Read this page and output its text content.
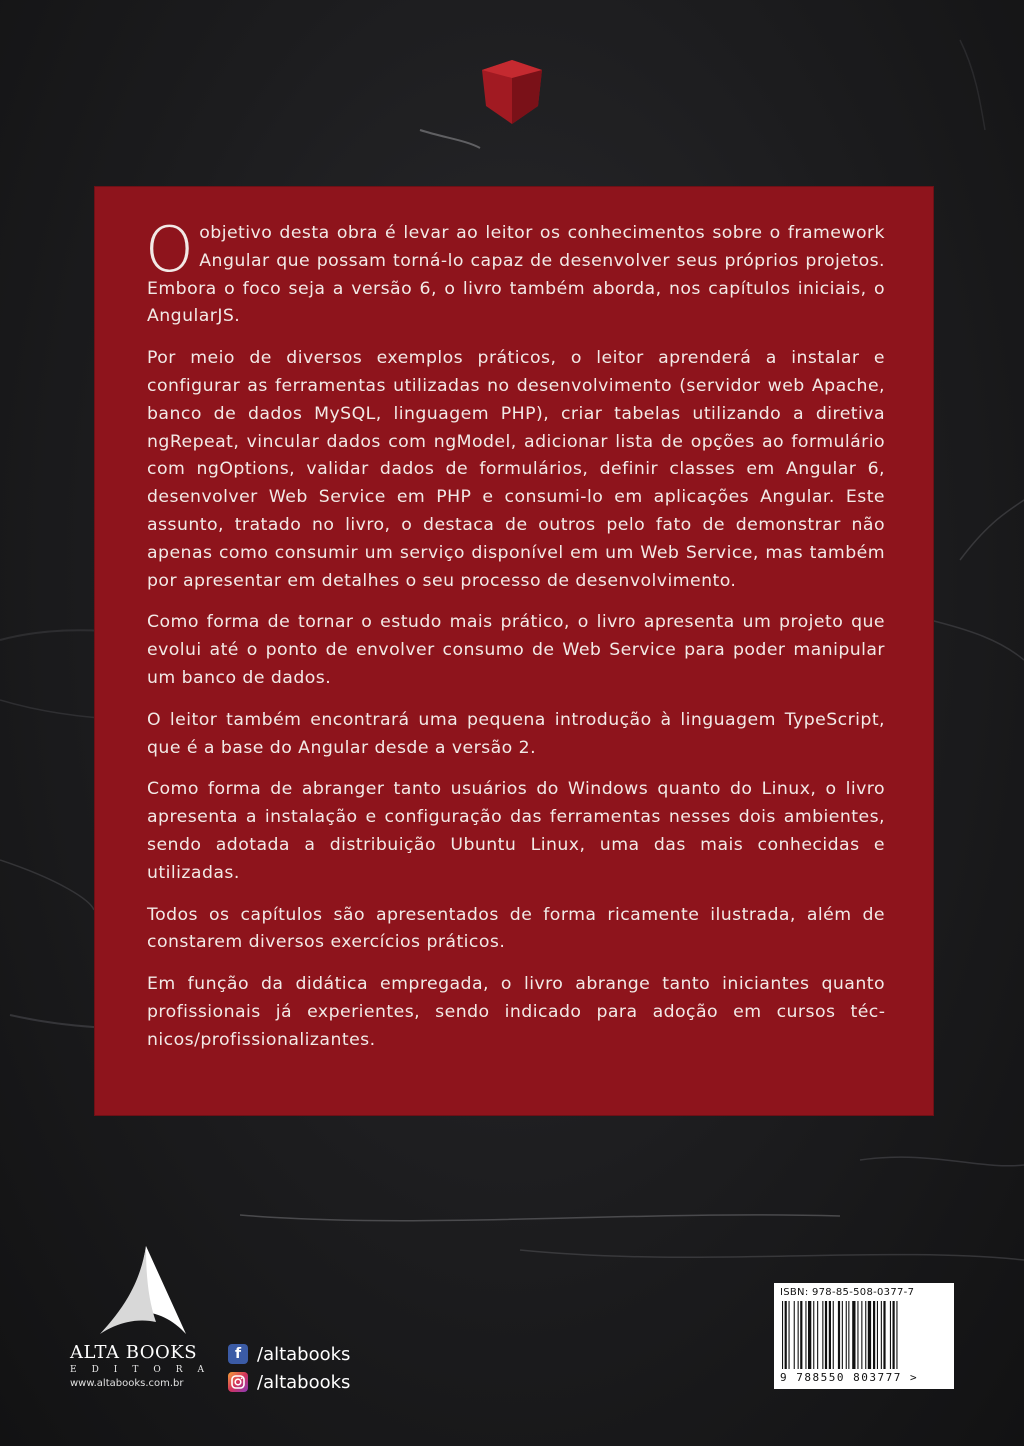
Oobjetivo desta obra é levar ao leitor os conhecimentos sobre o framework Angular que possam torná-lo capaz de desenvolver seus próprios projetos. Embora o foco seja a versão 6, o livro também aborda, nos capítulos iniciais, o AngularJS.

Por meio de diversos exemplos práticos, o leitor aprenderá a instalar e configurar as ferramentas utilizadas no desenvolvimento (servidor web Apache, banco de dados MySQL, linguagem PHP), criar tabelas utilizando a diretiva ngRepeat, vincular dados com ngModel, adicionar lista de opções ao formulário com ngOptions, validar dados de formulários, definir classes em Angular 6, desenvolver Web Service em PHP e consumi-lo em aplicações Angular. Este assunto, tratado no livro, o destaca de outros pelo fato de demonstrar não apenas como consumir um serviço disponível em um Web Service, mas também por apresentar em detalhes o seu processo de desenvolvimento.

Como forma de tornar o estudo mais prático, o livro apresenta um projeto que evolui até o ponto de envolver consumo de Web Service para poder manipular um banco de dados.

O leitor também encontrará uma pequena introdução à linguagem TypeScript, que é a base do Angular desde a versão 2.

Como forma de abranger tanto usuários do Windows quanto do Linux, o livro apresenta a instalação e configuração das ferramentas nesses dois ambientes, sendo adotada a distribuição Ubuntu Linux, uma das mais conhecidas e utilizadas.

Todos os capítulos são apresentados de forma ricamente ilustrada, além de constarem diversos exercícios práticos.

Em função da didática empregada, o livro abrange tanto iniciantes quanto profissionais já experientes, sendo indicado para adoção em cursos técnicos/profissionalizantes.

ALTA BOOKS
EDITORA
www.altabooks.com.br
f /altabooks
/altabooks
ISBN: 978-85-508-0377-7
9 788550 803777 >
